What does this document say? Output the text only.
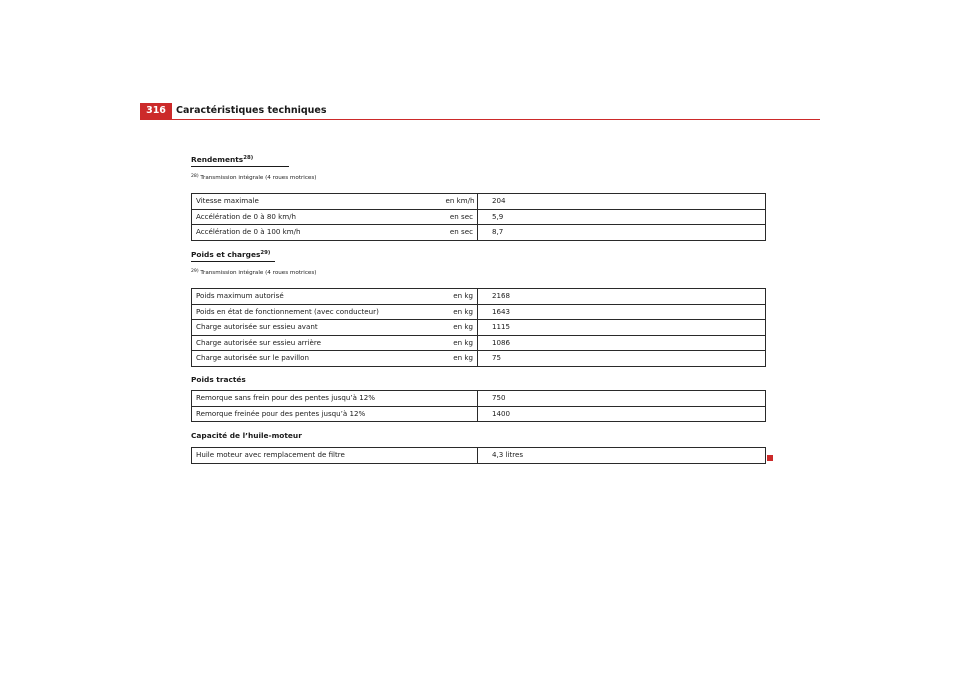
316	Caractéristiques techniques
Rendements$^{28)}$
$^{28)}$ Transmission intégrale (4 roues motrices)
Vitesse maximale	en km/h	204
Accélération de 0 à 80 km/h	en sec	5,9
Accélération de 0 à 100 km/h	en sec	8,7
Poids et charges$^{29)}$
$^{29)}$ Transmission intégrale (4 roues motrices)
Poids maximum autorisé	en kg	2168
Poids en état de fonctionnement (avec conducteur)	en kg	1643
Charge autorisée sur essieu avant	en kg	1115
Charge autorisée sur essieu arrière	en kg	1086
Charge autorisée sur le pavillon	en kg	75
Poids tractés
Remorque sans frein pour des pentes jusqu’à 12%	750
Remorque freinée pour des pentes jusqu’à 12%	1400
Capacité de l’huile-moteur
Huile moteur avec remplacement de filtre	4,3 litres
